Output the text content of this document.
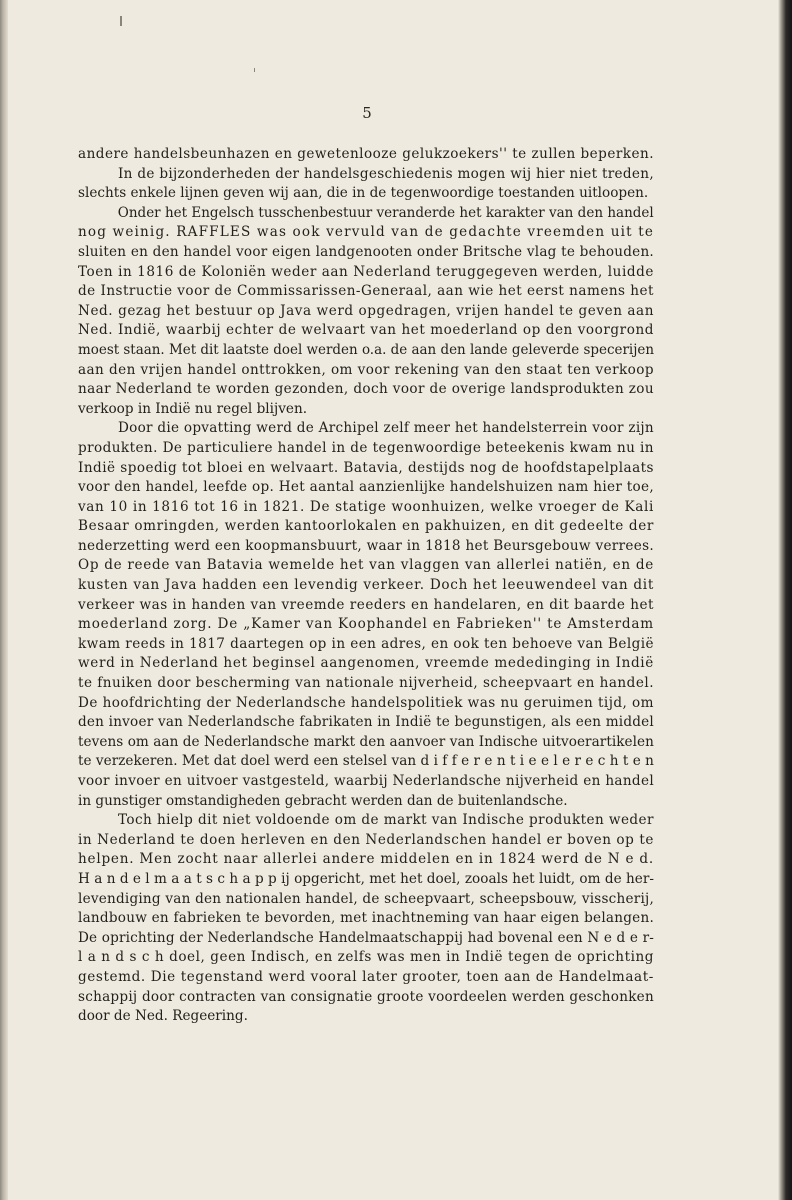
5

andere handelsbeunhazen en gewetenlooze gelukzoekers'' te zullen beperken.
In de bijzonderheden der handelsgeschiedenis mogen wij hier niet treden,
slechts enkele lijnen geven wij aan, die in de tegenwoordige toestanden uitloopen.
Onder het Engelsch tusschenbestuur veranderde het karakter van den handel
nog weinig. RAFFLES was ook vervuld van de gedachte vreemden uit te
sluiten en den handel voor eigen landgenooten onder Britsche vlag te behouden.
Toen in 1816 de Koloniën weder aan Nederland teruggegeven werden, luidde
de Instructie voor de Commissarissen-Generaal, aan wie het eerst namens het
Ned. gezag het bestuur op Java werd opgedragen, vrijen handel te geven aan
Ned. Indië, waarbij echter de welvaart van het moederland op den voorgrond
moest staan. Met dit laatste doel werden o.a. de aan den lande geleverde specerijen
aan den vrijen handel onttrokken, om voor rekening van den staat ten verkoop
naar Nederland te worden gezonden, doch voor de overige landsprodukten zou
verkoop in Indië nu regel blijven.
Door die opvatting werd de Archipel zelf meer het handelsterrein voor zijn
produkten. De particuliere handel in de tegenwoordige beteekenis kwam nu in
Indië spoedig tot bloei en welvaart. Batavia, destijds nog de hoofdstapelplaats
voor den handel, leefde op. Het aantal aanzienlijke handelshuizen nam hier toe,
van 10 in 1816 tot 16 in 1821. De statige woonhuizen, welke vroeger de Kali
Besaar omringden, werden kantoorlokalen en pakhuizen, en dit gedeelte der
nederzetting werd een koopmansbuurt, waar in 1818 het Beursgebouw verrees.
Op de reede van Batavia wemelde het van vlaggen van allerlei natiën, en de
kusten van Java hadden een levendig verkeer. Doch het leeuwendeel van dit
verkeer was in handen van vreemde reeders en handelaren, en dit baarde het
moederland zorg. De „Kamer van Koophandel en Fabrieken'' te Amsterdam
kwam reeds in 1817 daartegen op in een adres, en ook ten behoeve van België
werd in Nederland het beginsel aangenomen, vreemde mededinging in Indië
te fnuiken door bescherming van nationale nijverheid, scheepvaart en handel.
De hoofdrichting der Nederlandsche handelspolitiek was nu geruimen tijd, om
den invoer van Nederlandsche fabrikaten in Indië te begunstigen, als een middel
tevens om aan de Nederlandsche markt den aanvoer van Indische uitvoerartikelen
te verzekeren. Met dat doel werd een stelsel van d i f f e r e n t i e e l e r e c h t e n
voor invoer en uitvoer vastgesteld, waarbij Nederlandsche nijverheid en handel
in gunstiger omstandigheden gebracht werden dan de buitenlandsche.
Toch hielp dit niet voldoende om de markt van Indische produkten weder
in Nederland te doen herleven en den Nederlandschen handel er boven op te
helpen. Men zocht naar allerlei andere middelen en in 1824 werd de N e d.
H a n d e l m a a t s c h a p p ij opgericht, met het doel, zooals het luidt, om de her-
levendiging van den nationalen handel, de scheepvaart, scheepsbouw, visscherij,
landbouw en fabrieken te bevorden, met inachtneming van haar eigen belangen.
De oprichting der Nederlandsche Handelmaatschappij had bovenal een N e d e r-
l a n d s c h doel, geen Indisch, en zelfs was men in Indië tegen de oprichting
gestemd. Die tegenstand werd vooral later grooter, toen aan de Handelmaat-
schappij door contracten van consignatie groote voordeelen werden geschonken
door de Ned. Regeering.
